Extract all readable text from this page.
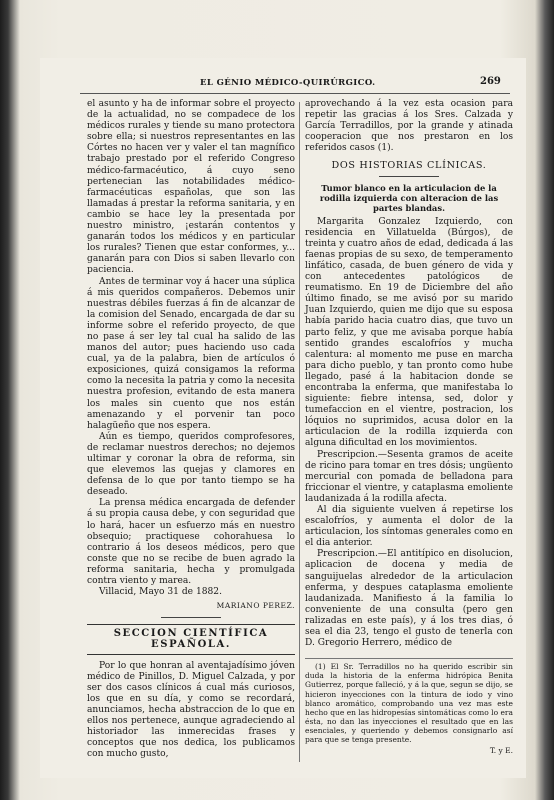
EL GÉNIO MÉDICO-QUIRÚRGICO.	269

el asunto y ha de informar sobre el proyecto de la actualidad, no se compadece de los médicos rurales y tiende su mano protectora sobre ella; si nuestros representantes en las Córtes no hacen ver y valer el tan magnífico trabajo prestado por el referido Congreso médico-farmacéutico, á cuyo seno pertenecian las notabilidades médico-farmacéuticas españolas, que son las llamadas á prestar la reforma sanitaria, y en cambio se hace ley la presentada por nuestro ministro, ¡estarán contentos y ganarán todos los médicos y en particular los rurales? Tienen que estar conformes, y... ganarán para con Dios si saben llevarlo con paciencia.

Antes de terminar voy á hacer una súplica á mis queridos compañeros. Debemos unir nuestras débiles fuerzas á fin de alcanzar de la comision del Senado, encargada de dar su informe sobre el referido proyecto, de que no pase á ser ley tal cual ha salido de las manos del autor; pues haciendo uso cada cual, ya de la palabra, bien de artículos ó exposiciones, quizá consigamos la reforma como la necesita la patria y como la necesita nuestra profesion, evitando de esta manera los males sin cuento que nos están amenazando y el porvenir tan poco halagüeño que nos espera.

Aún es tiempo, queridos comprofesores, de reclamar nuestros derechos; no dejemos ultimar y coronar la obra de reforma, sin que elevemos las quejas y clamores en defensa de lo que por tanto tiempo se ha deseado.

La prensa médica encargada de defender á su propia causa debe, y con seguridad que lo hará, hacer un esfuerzo más en nuestro obsequio; practiquese cohorahuesa lo contrario á los deseos médicos, pero que conste que no se recibe de buen agrado la reforma sanitaria, hecha y promulgada contra viento y marea.

Villacid, Mayo 31 de 1882.

MARIANO PEREZ.
SECCION CIENTÍFICA ESPAÑOLA.

Por lo que honran al aventajadísimo jóven médico de Pinillos, D. Miguel Calzada, y por ser dos casos clínicos á cual más curiosos, los que en su día, y como se recordará, anunciamos, hecha abstraccion de lo que en ellos nos pertenece, aunque agradeciendo al historiador las inmerecidas frases y conceptos que nos dedica, los publicamos con mucho gusto,

aprovechando á la vez esta ocasion para repetir las gracias á los Sres. Calzada y García Terradillos, por la grande y atinada cooperacion que nos prestaron en los referidos casos (1).

DOS HISTORIAS CLÍNICAS.
Tumor blanco en la articulacion de la rodilla izquierda con alteracion de las partes blandas.

Margarita Gonzalez Izquierdo, con residencia en Villatuelda (Búrgos), de treinta y cuatro años de edad, dedicada á las faenas propias de su sexo, de temperamento linfático, casada, de buen género de vida y con antecedentes patológicos de reumatismo. En 19 de Diciembre del año último finado, se me avisó por su marido Juan Izquierdo, quien me dijo que su esposa había parido hacia cuatro dias, que tuvo un parto feliz, y que me avisaba porque había sentido grandes escalofríos y mucha calentura: al momento me puse en marcha para dicho pueblo, y tan pronto como hube llegado, pasé á la habitacion donde se encontraba la enferma, que manifestaba lo siguiente: fiebre intensa, sed, dolor y tumefaccion en el vientre, postracion, los lóquios no suprimidos, acusa dolor en la articulacion de la rodilla izquierda con alguna dificultad en los movimientos.

Prescripcion.—Sesenta gramos de aceite de ricino para tomar en tres dósis; ungüento mercurial con pomada de belladona para friccionar el vientre, y cataplasma emoliente laudanizada á la rodilla afecta.

Al dia siguiente vuelven á repetirse los escalofríos, y aumenta el dolor de la articulacion, los síntomas generales como en el dia anterior.

Prescripcion.—El antitípico en disolucion, aplicacion de docena y media de sanguijuelas alrededor de la articulacion enferma, y despues cataplasma emoliente laudanizada. Manifiesto á la familia lo conveniente de una consulta (pero gen ralizadas en este país), y á los tres dias, ó sea el dia 23, tengo el gusto de tenerla con D. Gregorio Herrero, médico de

(1) El Sr. Terradillos no ha querido escribir sin duda la historia de la enferma hidrópica Benita Gutierrez, porque falleció, y á la que, segun se dijo, se hicieron inyecciones con la tintura de iodo y vino blanco aromático, comprobando una vez mas este hecho que en las hidropesías sintomáticas como lo era ésta, no dan las inyecciones el resultado que en las esenciales, y queriendo y debemos consignarlo así para que se tenga presente.

T. y E.
